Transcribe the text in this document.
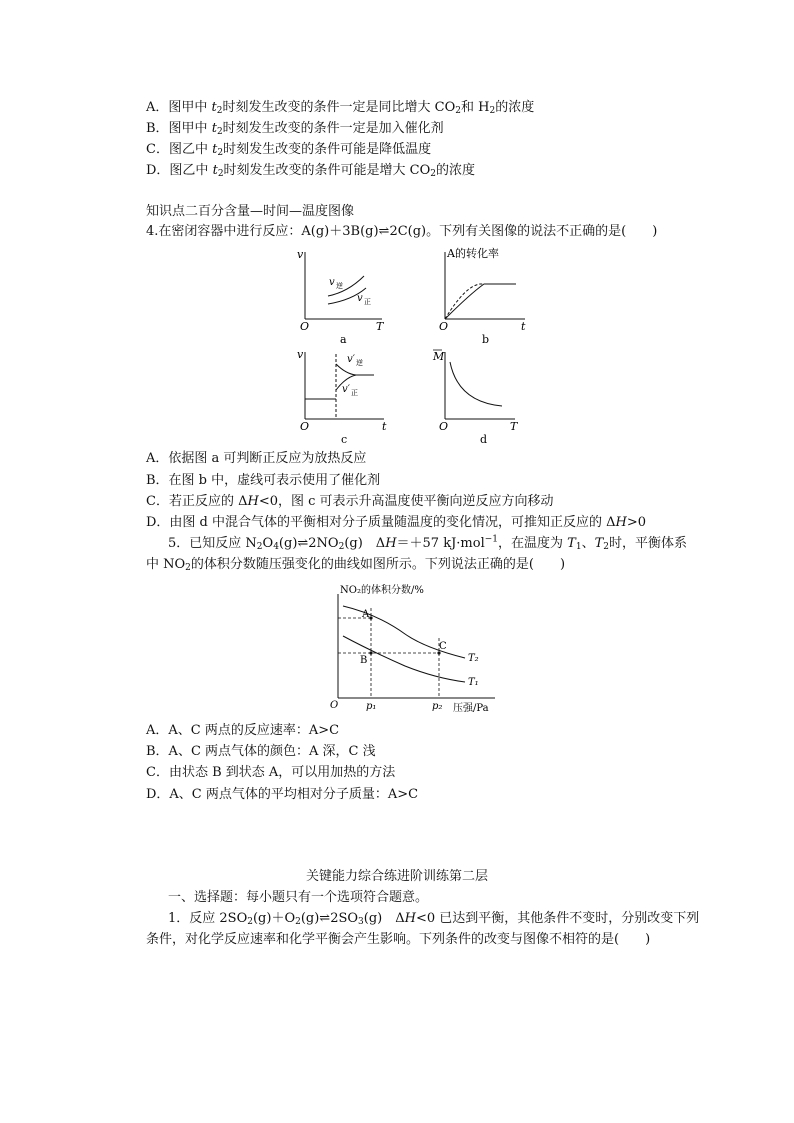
A．图甲中 $t_2$时刻发生改变的条件一定是同比增大 $CO_2$和 $H_2$的浓度
B．图甲中 $t_2$时刻发生改变的条件一定是加入催化剂
C．图乙中 $t_2$时刻发生改变的条件可能是降低温度
D．图乙中 $t_2$时刻发生改变的条件可能是增大 $CO_2$的浓度
知识点二百分含量—时间—温度图像
4.在密闭容器中进行反应：A(g)＋3B(g)⇌2C(g)。下列有关图像的说法不正确的是(　　)
v
T
O
v 逆
v 正
a
A的转化率
t
O
b
v
t
O
v′ 逆
v′ 正
c
M
T
O
d
A．依据图 a 可判断正反应为放热反应
B．在图 b 中，虚线可表示使用了催化剂
C．若正反应的 ΔH<0，图 c 可表示升高温度使平衡向逆反应方向移动
D．由图 d 中混合气体的平衡相对分子质量随温度的变化情况，可推知正反应的 ΔH>0
5．已知反应 $N_2O_4(g)\rightleftharpoons 2NO_2(g)$　ΔH＝＋57 kJ·mol$^{-1}$，在温度为 $T_1$、$T_2$时，平衡体系
中 $NO_2$的体积分数随压强变化的曲线如图所示。下列说法正确的是(　　)
NO₂的体积分数/%
压强/Pa
O
A
B
C
T₂
T₁
p₁	p₂
A．A、C 两点的反应速率：A>C
B．A、C 两点气体的颜色：A 深，C 浅
C．由状态 B 到状态 A，可以用加热的方法
D．A、C 两点气体的平均相对分子质量：A>C
关键能力综合练进阶训练第二层
一、选择题：每小题只有一个选项符合题意。
1．反应 $2SO_2(g)+O_2(g)\rightleftharpoons 2SO_3(g)$　ΔH<0 已达到平衡，其他条件不变时，分别改变下列
条件，对化学反应速率和化学平衡会产生影响。下列条件的改变与图像不相符的是(　　)
